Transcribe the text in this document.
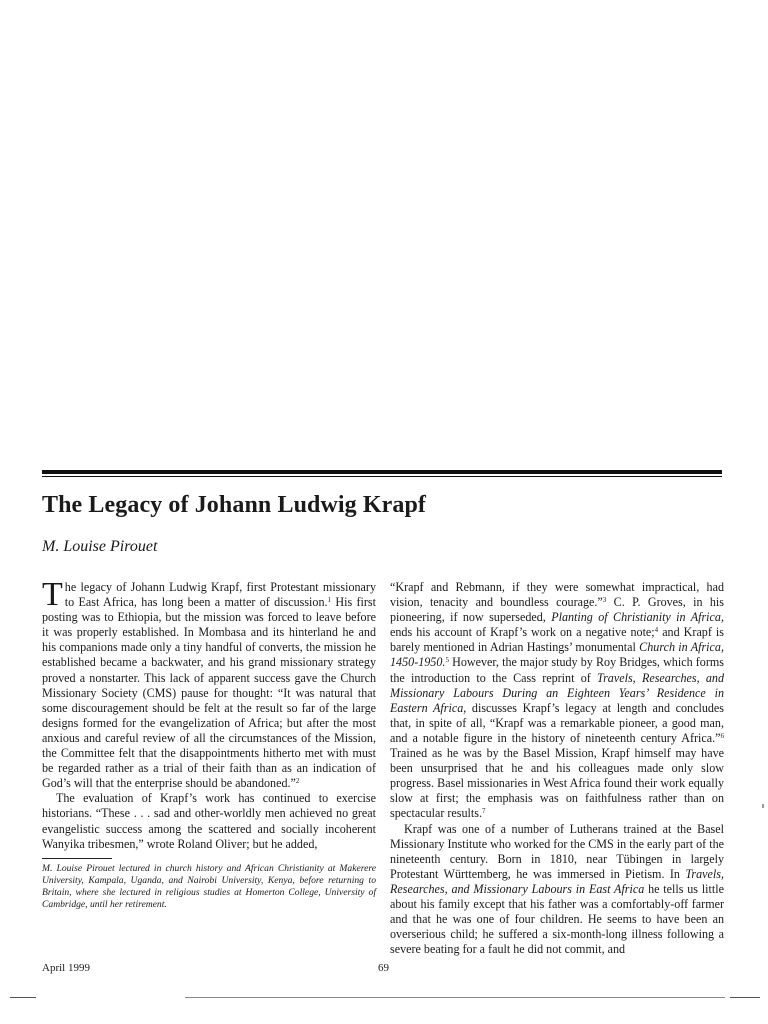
The Legacy of Johann Ludwig Krapf
M. Louise Pirouet

The legacy of Johann Ludwig Krapf, first Protestant missionary to East Africa, has long been a matter of discussion.$^1$ His first posting was to Ethiopia, but the mission was forced to leave before it was properly established. In Mombasa and its hinterland he and his companions made only a tiny handful of converts, the mission he established became a backwater, and his grand missionary strategy proved a nonstarter. This lack of apparent success gave the Church Missionary Society (CMS) pause for thought: “It was natural that some discouragement should be felt at the result so far of the large designs formed for the evangelization of Africa; but after the most anxious and careful review of all the circumstances of the Mission, the Committee felt that the disappointments hitherto met with must be regarded rather as a trial of their faith than as an indication of God’s will that the enterprise should be abandoned.”$^2$

The evaluation of Krapf’s work has continued to exercise historians. “These . . . sad and other-worldly men achieved no great evangelistic success among the scattered and socially incoherent Wanyika tribesmen,” wrote Roland Oliver; but he added,

M. Louise Pirouet lectured in church history and African Christianity at Makerere University, Kampala, Uganda, and Nairobi University, Kenya, before returning to Britain, where she lectured in religious studies at Homerton College, University of Cambridge, until her retirement.

“Krapf and Rebmann, if they were somewhat impractical, had vision, tenacity and boundless courage.”$^3$ C. P. Groves, in his pioneering, if now superseded, Planting of Christianity in Africa, ends his account of Krapf’s work on a negative note;$^4$ and Krapf is barely mentioned in Adrian Hastings’ monumental Church in Africa, 1450-1950.$^5$ However, the major study by Roy Bridges, which forms the introduction to the Cass reprint of Travels, Researches, and Missionary Labours During an Eighteen Years’ Residence in Eastern Africa, discusses Krapf’s legacy at length and concludes that, in spite of all, “Krapf was a remarkable pioneer, a good man, and a notable figure in the history of nineteenth century Africa.”$^6$ Trained as he was by the Basel Mission, Krapf himself may have been unsurprised that he and his colleagues made only slow progress. Basel missionaries in West Africa found their work equally slow at first; the emphasis was on faithfulness rather than on spectacular results.$^7$

Krapf was one of a number of Lutherans trained at the Basel Missionary Institute who worked for the CMS in the early part of the nineteenth century. Born in 1810, near Tübingen in largely Protestant Württemberg, he was immersed in Pietism. In Travels, Researches, and Missionary Labours in East Africa he tells us little about his family except that his father was a comfortably-off farmer and that he was one of four children. He seems to have been an overserious child; he suffered a six-month-long illness following a severe beating for a fault he did not commit, and

April 1999	69
